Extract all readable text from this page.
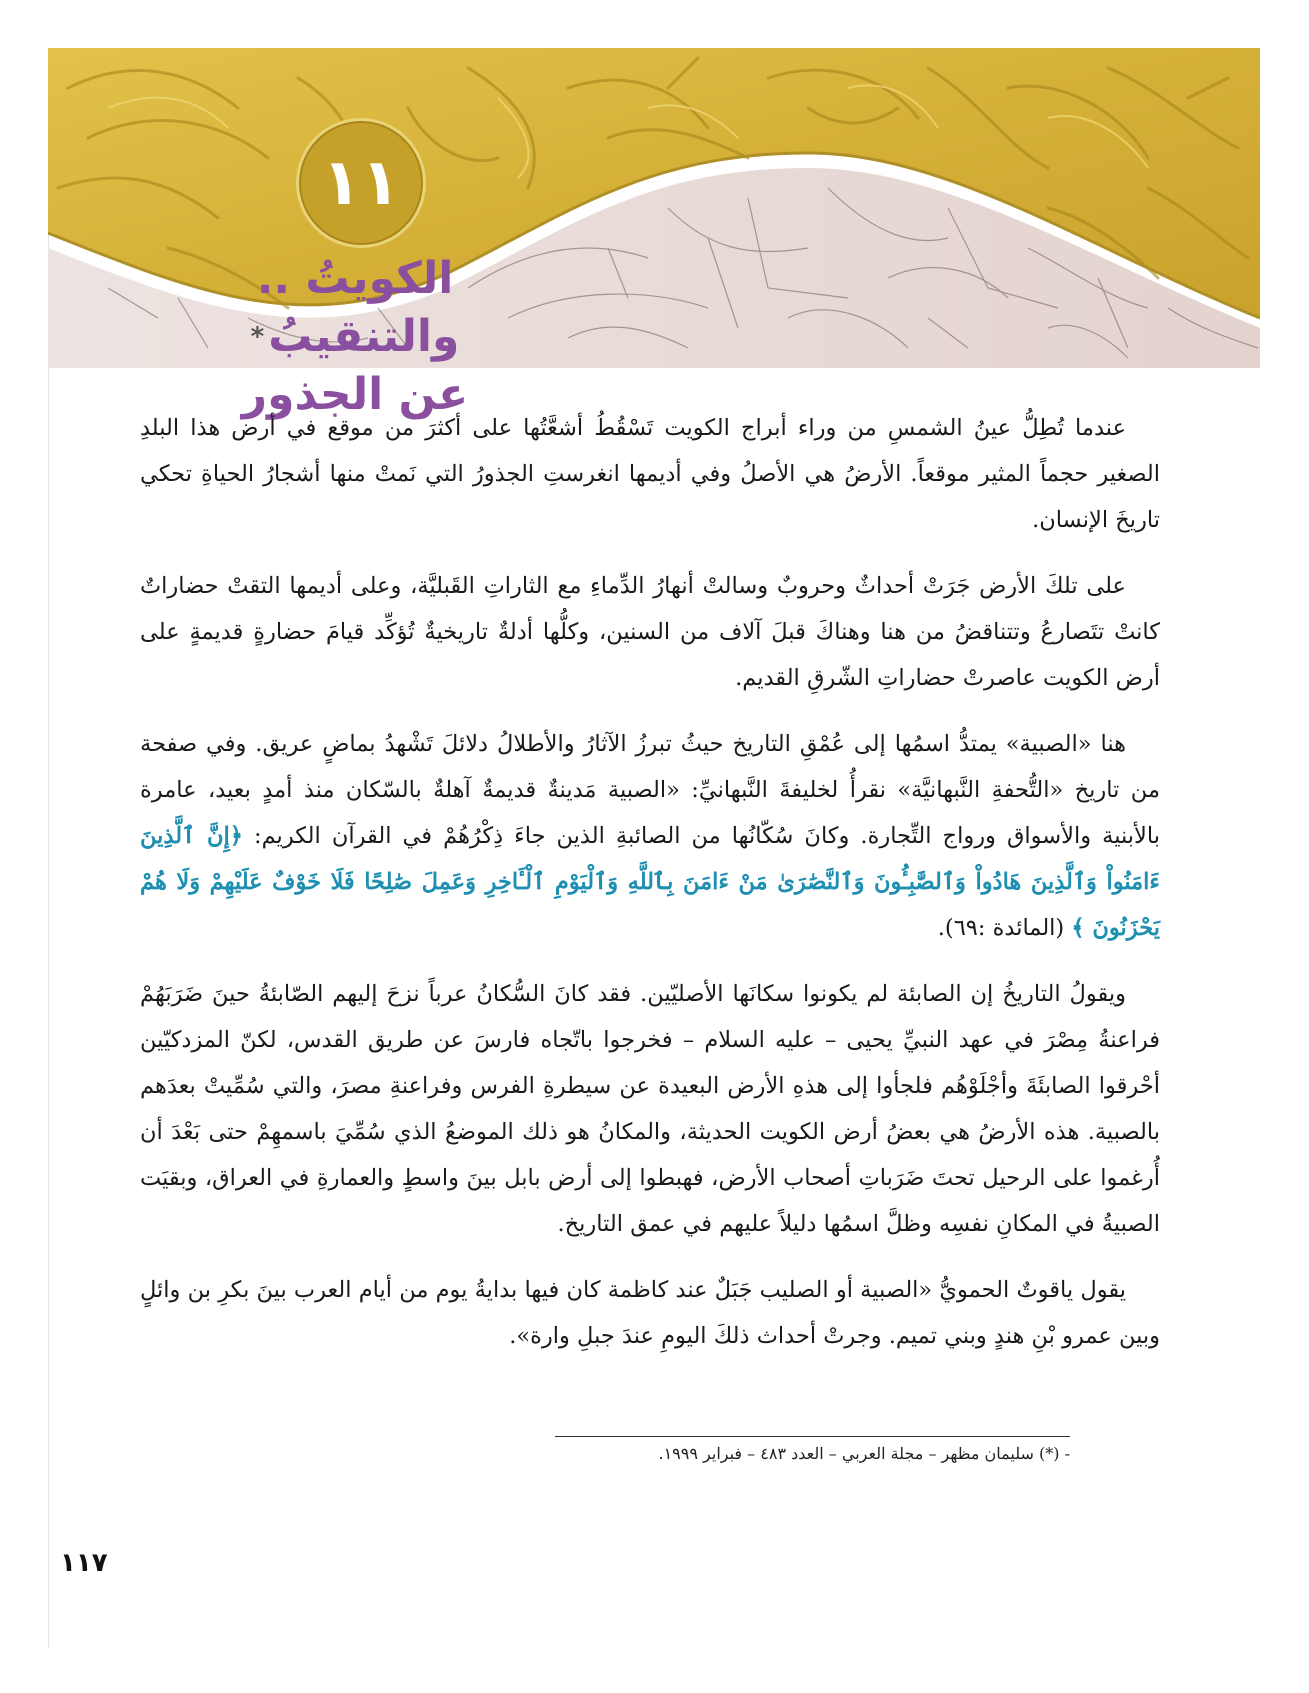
١١
الكويتُ .. والتنقيبُ*
عن الجذور

عندما تُطِلُّ عينُ الشمسِ من وراء أبراج الكويت تَسْقُطُ أشعَّتُها على أكثرَ من موقع في أرض هذا البلدِ الصغير حجماً المثير موقعاً. الأرضُ هي الأصلُ وفي أديمها انغرستِ الجذورُ التي نَمتْ منها أشجارُ الحياةِ تحكي تاريخَ الإنسان.

على تلكَ الأرض جَرَتْ أحداثٌ وحروبٌ وسالتْ أنهارُ الدِّماءِ مع الثاراتِ القَبليَّة، وعلى أديمها التقتْ حضاراتٌ كانتْ تتَصارعُ وتتناقضُ من هنا وهناكَ قبلَ آلاف من السنين، وكلُّها أدلةٌ تاريخيةٌ تُؤكِّد قيامَ حضارةٍ قديمةٍ على أرض الكويت عاصرتْ حضاراتِ الشّرقِ القديم.

هنا «الصبية» يمتدُّ اسمُها إلى عُمْقِ التاريخ حيثُ تبرزُ الآثارُ والأطلالُ دلائلَ تَشْهدُ بماضٍ عريق. وفي صفحة من تاريخ «التُّحفةِ النَّبهانيَّة» نقرأُ لخليفةَ النَّبهانيِّ: «الصبية مَدينةٌ قديمةٌ آهلةٌ بالسّكان منذ أمدٍ بعيد، عامرة بالأبنية والأسواق ورواج التِّجارة. وكانَ سُكّانُها من الصائبةِ الذين جاءَ ذِكْرُهُمْ في القرآن الكريم: ﴿إِنَّ ٱلَّذِينَ ءَامَنُواْ وَٱلَّذِينَ هَادُواْ وَٱلصَّٰبِـُٔونَ وَٱلنَّصَٰرَىٰ مَنْ ءَامَنَ بِٱللَّهِ وَٱلْيَوْمِ ٱلْـَٔاخِرِ وَعَمِلَ صَٰلِحًا فَلَا خَوْفٌ عَلَيْهِمْ وَلَا هُمْ يَحْزَنُونَ ﴾ (المائدة :٦٩).

ويقولُ التاريخُ إن الصابئة لم يكونوا سكانَها الأصليّين. فقد كانَ السُّكانُ عرباً نزحَ إليهم الصّابئةُ حينَ ضَرَبَهُمْ فراعنةُ مِصْرَ في عهد النبيِّ يحيى – عليه السلام – فخرجوا باتّجاه فارسَ عن طريق القدس، لكنّ المزدكيّين أحْرقوا الصابئَةَ وأجْلَوْهُم فلجأوا إلى هذهِ الأرض البعيدة عن سيطرةِ الفرس وفراعنةِ مصرَ، والتي سُمِّيتْ بعدَهم بالصبية. هذه الأرضُ هي بعضُ أرض الكويت الحديثة، والمكانُ هو ذلك الموضعُ الذي سُمِّيَ باسمهِمْ حتى بَعْدَ أن أُرغموا على الرحيل تحتَ ضَرَباتِ أصحاب الأرض، فهبطوا إلى أرض بابل بينَ واسطٍ والعمارةِ في العراق، وبقيَت الصبيةُ في المكانِ نفسِه وظلَّ اسمُها دليلاً عليهم في عمق التاريخ.

يقول ياقوتٌ الحمويُّ «الصبية أو الصليب جَبَلٌ عند كاظمة كان فيها بدايةُ يوم من أيام العرب بينَ بكرِ بن وائلٍ وبين عمرو بْنِ هندٍ وبني تميم. وجرتْ أحداث ذلكَ اليومِ عندَ جبلِ وارة».

- (*) سليمان مظهر – مجلة العربي – العدد ٤٨٣ – فبراير ١٩٩٩.
١١٧
